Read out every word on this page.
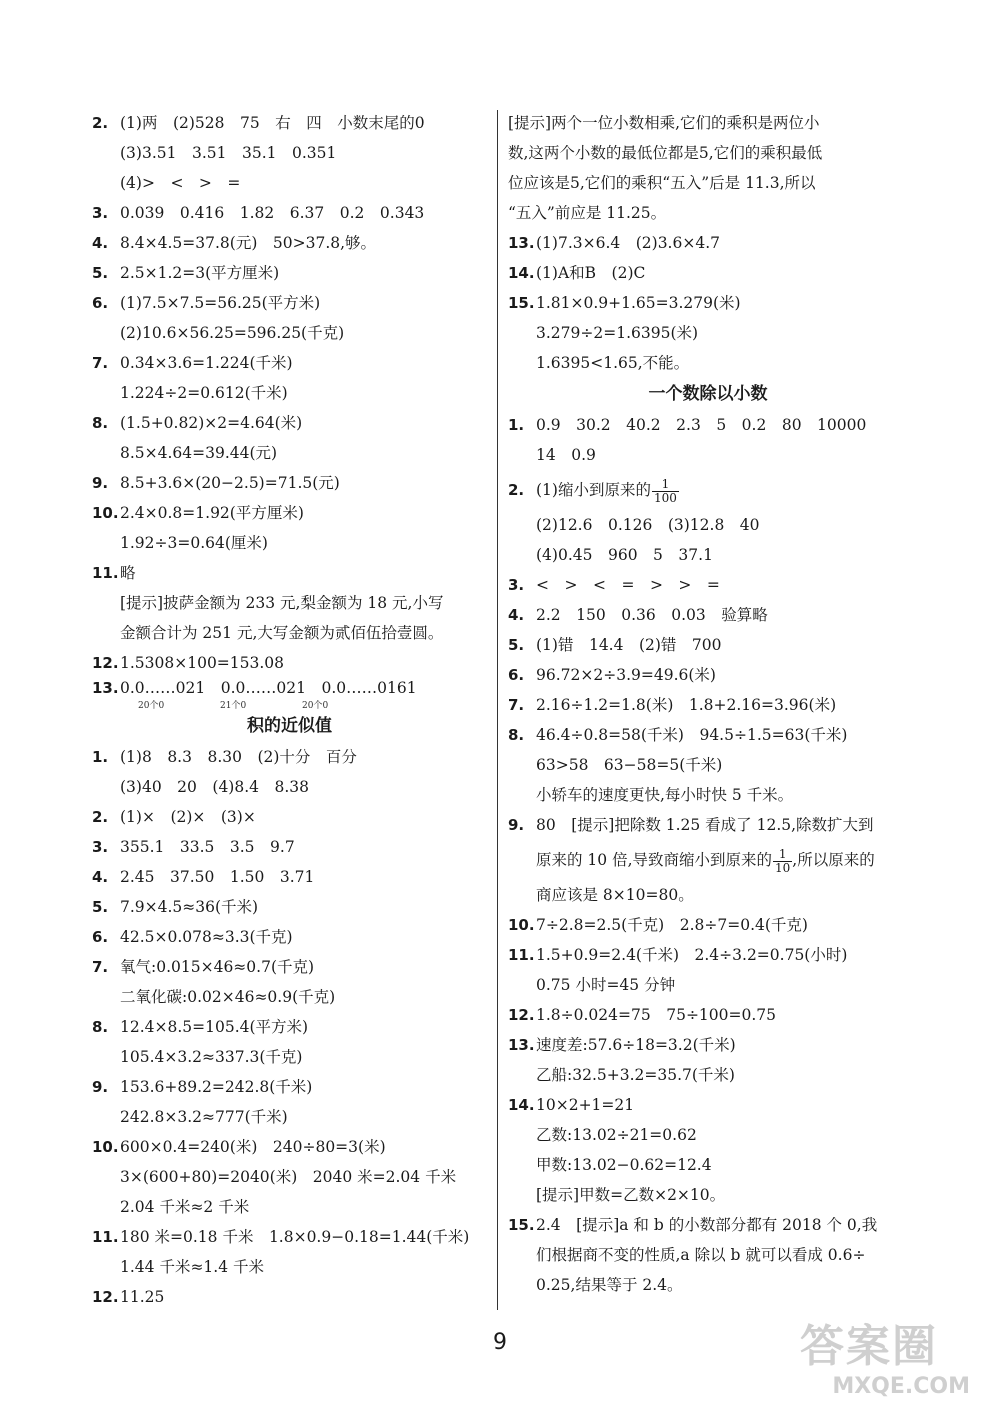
2. (1)两　(2)528　75　右　四　小数末尾的0
(3)3.51　3.51　35.1　0.351
(4)>　<　>　=
3. 0.039　0.416　1.82　6.37　0.2　0.343
4. 8.4×4.5=37.8(元)　50>37.8,够。
5. 2.5×1.2=3(平方厘米)
6. (1)7.5×7.5=56.25(平方米)
(2)10.6×56.25=596.25(千克)
7. 0.34×3.6=1.224(千米)
1.224÷2=0.612(千米)
8. (1.5+0.82)×2=4.64(米)
8.5×4.64=39.44(元)
9. 8.5+3.6×(20−2.5)=71.5(元)
10. 2.4×0.8=1.92(平方厘米)
1.92÷3=0.64(厘米)
11. 略
[提示]披萨金额为 233 元,梨金额为 18 元,小写
金额合计为 251 元,大写金额为贰佰伍拾壹圆。
12. 1.5308×100=153.08
13. 0.0……021　0.0……021　0.0……0161
20个0	21个0	20个0
积的近似值
1. (1)8　8.3　8.30　(2)十分　百分
(3)40　20　(4)8.4　8.38
2. (1)×　(2)×　(3)×
3. 355.1　33.5　3.5　9.7
4. 2.45　37.50　1.50　3.71
5. 7.9×4.5≈36(千米)
6. 42.5×0.078≈3.3(千克)
7. 氧气:0.015×46≈0.7(千克)
二氧化碳:0.02×46≈0.9(千克)
8. 12.4×8.5=105.4(平方米)
105.4×3.2≈337.3(千克)
9. 153.6+89.2=242.8(千米)
242.8×3.2≈777(千米)
10. 600×0.4=240(米)　240÷80=3(米)
3×(600+80)=2040(米)　2040 米=2.04 千米
2.04 千米≈2 千米
11. 180 米=0.18 千米　1.8×0.9−0.18=1.44(千米)
1.44 千米≈1.4 千米
12. 11.25
[提示]两个一位小数相乘,它们的乘积是两位小
数,这两个小数的最低位都是5,它们的乘积最低
位应该是5,它们的乘积“五入”后是 11.3,所以
“五入”前应是 11.25。
13. (1)7.3×6.4　(2)3.6×4.7
14. (1)A和B　(2)C
15. 1.81×0.9+1.65=3.279(米)
3.279÷2=1.6395(米)
1.6395<1.65,不能。
一个数除以小数
1. 0.9　30.2　40.2　2.3　5　0.2　80　10000
14　0.9
2. (1)缩小到原来的 $\frac{1}{100}$
(2)12.6　0.126　(3)12.8　40
(4)0.45　960　5　37.1
3. <　>　<　=　>　>　=
4. 2.2　150　0.36　0.03　验算略
5. (1)错　14.4　(2)错　700
6. 96.72×2÷3.9=49.6(米)
7. 2.16÷1.2=1.8(米)　1.8+2.16=3.96(米)
8. 46.4÷0.8=58(千米)　94.5÷1.5=63(千米)
63>58　63−58=5(千米)
小轿车的速度更快,每小时快 5 千米。
9. 80　[提示]把除数 1.25 看成了 12.5,除数扩大到
原来的 10 倍,导致商缩小到原来的 $\frac{1}{10}$ ,所以原来的
商应该是 8×10=80。
10. 7÷2.8=2.5(千克)　2.8÷7=0.4(千克)
11. 1.5+0.9=2.4(千米)　2.4÷3.2=0.75(小时)
0.75 小时=45 分钟
12. 1.8÷0.024=75　75÷100=0.75
13. 速度差:57.6÷18=3.2(千米)
乙船:32.5+3.2=35.7(千米)
14. 10×2+1=21
乙数:13.02÷21=0.62
甲数:13.02−0.62=12.4
[提示]甲数=乙数×2×10。
15. 2.4　[提示]a 和 b 的小数部分都有 2018 个 0,我
们根据商不变的性质,a 除以 b 就可以看成 0.6÷
0.25,结果等于 2.4。
9	答案圈
MXQE.COM
